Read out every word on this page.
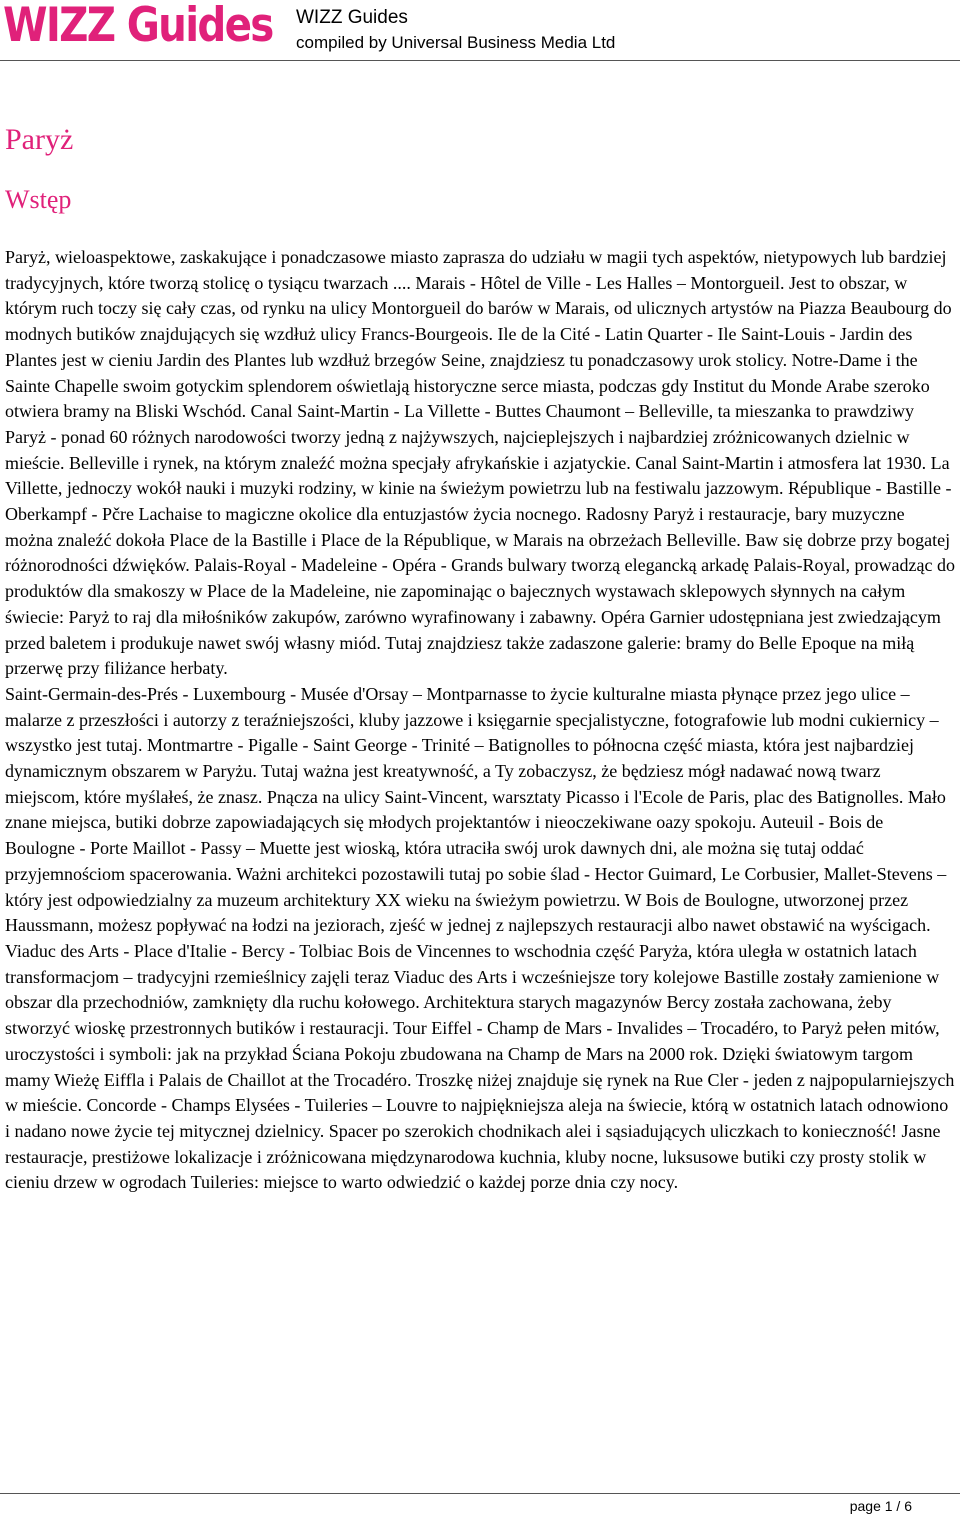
WIZZ Guides WIZZ Guides
compiled by Universal Business Media Ltd
Paryż
Wstęp

Paryż, wieloaspektowe, zaskakujące i ponadczasowe miasto zaprasza do udziału w magii tych aspektów, nietypowych lub bardziej tradycyjnych, które tworzą stolicę o tysiącu twarzach .... Marais - Hôtel de Ville - Les Halles – Montorgueil. Jest to obszar, w którym ruch toczy się cały czas, od rynku na ulicy Montorgueil do barów w Marais, od ulicznych artystów na Piazza Beaubourg do modnych butików znajdujących się wzdłuż ulicy Francs-Bourgeois. Ile de la Cité - Latin Quarter - Ile Saint-Louis - Jardin des Plantes jest w cieniu Jardin des Plantes lub wzdłuż brzegów Seine, znajdziesz tu ponadczasowy urok stolicy. Notre-Dame i the Sainte Chapelle swoim gotyckim splendorem oświetlają historyczne serce miasta, podczas gdy Institut du Monde Arabe szeroko otwiera bramy na Bliski Wschód. Canal Saint-Martin - La Villette - Buttes Chaumont – Belleville, ta mieszanka to prawdziwy Paryż - ponad 60 różnych narodowości tworzy jedną z najżywszych, najcieplejszych i najbardziej zróżnicowanych dzielnic w mieście. Belleville i rynek, na którym znaleźć można specjały afrykańskie i azjatyckie. Canal Saint-Martin i atmosfera lat 1930. La Villette, jednoczy wokół nauki i muzyki rodziny, w kinie na świeżym powietrzu lub na festiwalu jazzowym. République - Bastille - Oberkampf - Pčre Lachaise to magiczne okolice dla entuzjastów życia nocnego. Radosny Paryż i restauracje, bary muzyczne można znaleźć dokoła Place de la Bastille i Place de la République, w Marais na obrzeżach Belleville. Baw się dobrze przy bogatej różnorodności dźwięków. Palais-Royal - Madeleine - Opéra - Grands bulwary tworzą elegancką arkadę Palais-Royal, prowadząc do produktów dla smakoszy w Place de la Madeleine, nie zapominając o bajecznych wystawach sklepowych słynnych na całym świecie: Paryż to raj dla miłośników zakupów, zarówno wyrafinowany i zabawny. Opéra Garnier udostępniana jest zwiedzającym przed baletem i produkuje nawet swój własny miód. Tutaj znajdziesz także zadaszone galerie: bramy do Belle Epoque na miłą przerwę przy filiżance herbaty.

Saint-Germain-des-Prés - Luxembourg - Musée d'Orsay – Montparnasse to życie kulturalne miasta płynące przez jego ulice – malarze z przeszłości i autorzy z teraźniejszości, kluby jazzowe i księgarnie specjalistyczne, fotografowie lub modni cukiernicy – wszystko jest tutaj. Montmartre - Pigalle - Saint George - Trinité – Batignolles to północna część miasta, która jest najbardziej dynamicznym obszarem w Paryżu. Tutaj ważna jest kreatywność, a Ty zobaczysz, że będziesz mógł nadawać nową twarz miejscom, które myślałeś, że znasz. Pnącza na ulicy Saint-Vincent, warsztaty Picasso i l'Ecole de Paris, plac des Batignolles. Mało znane miejsca, butiki dobrze zapowiadających się młodych projektantów i nieoczekiwane oazy spokoju. Auteuil - Bois de Boulogne - Porte Maillot - Passy – Muette jest wioską, która utraciła swój urok dawnych dni, ale można się tutaj oddać przyjemnościom spacerowania. Ważni architekci pozostawili tutaj po sobie ślad - Hector Guimard, Le Corbusier, Mallet-Stevens – który jest odpowiedzialny za muzeum architektury XX wieku na świeżym powietrzu. W Bois de Boulogne, utworzonej przez Haussmann, możesz popływać na łodzi na jeziorach, zjeść w jednej z najlepszych restauracji albo nawet obstawić na wyścigach.

Viaduc des Arts - Place d'Italie - Bercy - Tolbiac Bois de Vincennes to wschodnia część Paryża, która uległa w ostatnich latach transformacjom – tradycyjni rzemieślnicy zajęli teraz Viaduc des Arts i wcześniejsze tory kolejowe Bastille zostały zamienione w obszar dla przechodniów, zamknięty dla ruchu kołowego. Architektura starych magazynów Bercy została zachowana, żeby stworzyć wioskę przestronnych butików i restauracji. Tour Eiffel - Champ de Mars - Invalides – Trocadéro, to Paryż pełen mitów, uroczystości i symboli: jak na przykład Ściana Pokoju zbudowana na Champ de Mars na 2000 rok. Dzięki światowym targom mamy Wieżę Eiffla i Palais de Chaillot at the Trocadéro. Troszkę niżej znajduje się rynek na Rue Cler - jeden z najpopularniejszych w mieście. Concorde - Champs Elysées - Tuileries – Louvre to najpiękniejsza aleja na świecie, którą w ostatnich latach odnowiono i nadano nowe życie tej mitycznej dzielnicy. Spacer po szerokich chodnikach alei i sąsiadujących uliczkach to konieczność! Jasne restauracje, prestiżowe lokalizacje i zróżnicowana międzynarodowa kuchnia, kluby nocne, luksusowe butiki czy prosty stolik w cieniu drzew w ogrodach Tuileries: miejsce to warto odwiedzić o każdej porze dnia czy nocy.

page 1 / 6
